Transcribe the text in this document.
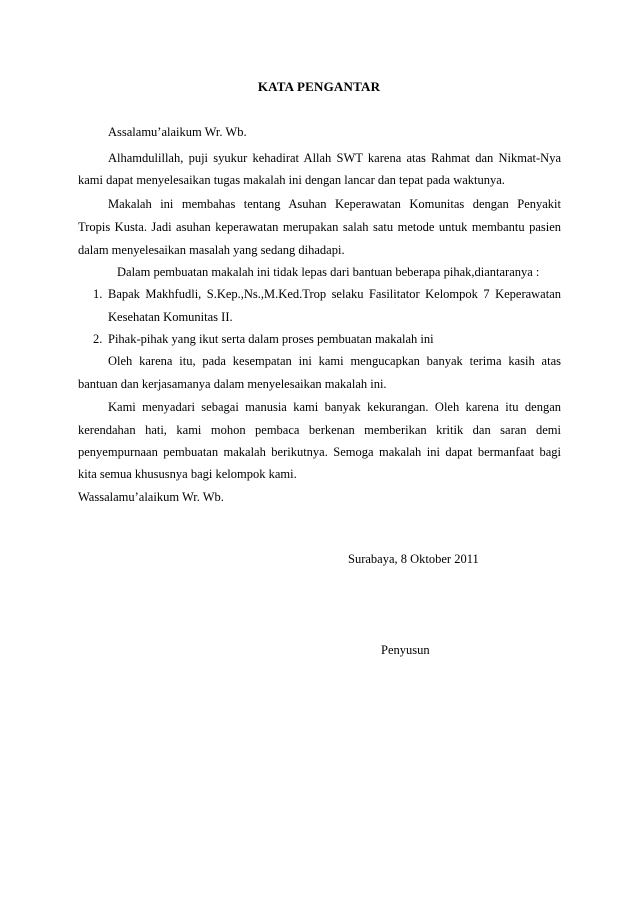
KATA PENGANTAR
Assalamu’alaikum Wr. Wb.
Alhamdulillah, puji syukur kehadirat Allah SWT karena atas Rahmat dan Nikmat-Nya
kami dapat menyelesaikan tugas makalah ini dengan lancar dan tepat pada waktunya.
Makalah ini membahas tentang Asuhan Keperawatan Komunitas dengan Penyakit
Tropis Kusta. Jadi asuhan keperawatan merupakan salah satu metode untuk membantu pasien
dalam menyelesaikan masalah yang sedang dihadapi.
Dalam pembuatan makalah ini tidak lepas dari bantuan beberapa pihak,diantaranya :
1. Bapak Makhfudli, S.Kep.,Ns.,M.Ked.Trop selaku Fasilitator Kelompok 7 Keperawatan
Kesehatan Komunitas II.
2. Pihak-pihak yang ikut serta dalam proses pembuatan makalah ini
Oleh karena itu, pada kesempatan ini kami mengucapkan banyak terima kasih atas
bantuan dan kerjasamanya dalam menyelesaikan makalah ini.
Kami menyadari sebagai manusia kami banyak kekurangan. Oleh karena itu dengan
kerendahan hati, kami mohon pembaca berkenan memberikan kritik dan saran demi
penyempurnaan pembuatan makalah berikutnya. Semoga makalah ini dapat bermanfaat bagi
kita semua khususnya bagi kelompok kami.
Wassalamu’alaikum Wr. Wb.
Surabaya, 8 Oktober 2011
Penyusun
